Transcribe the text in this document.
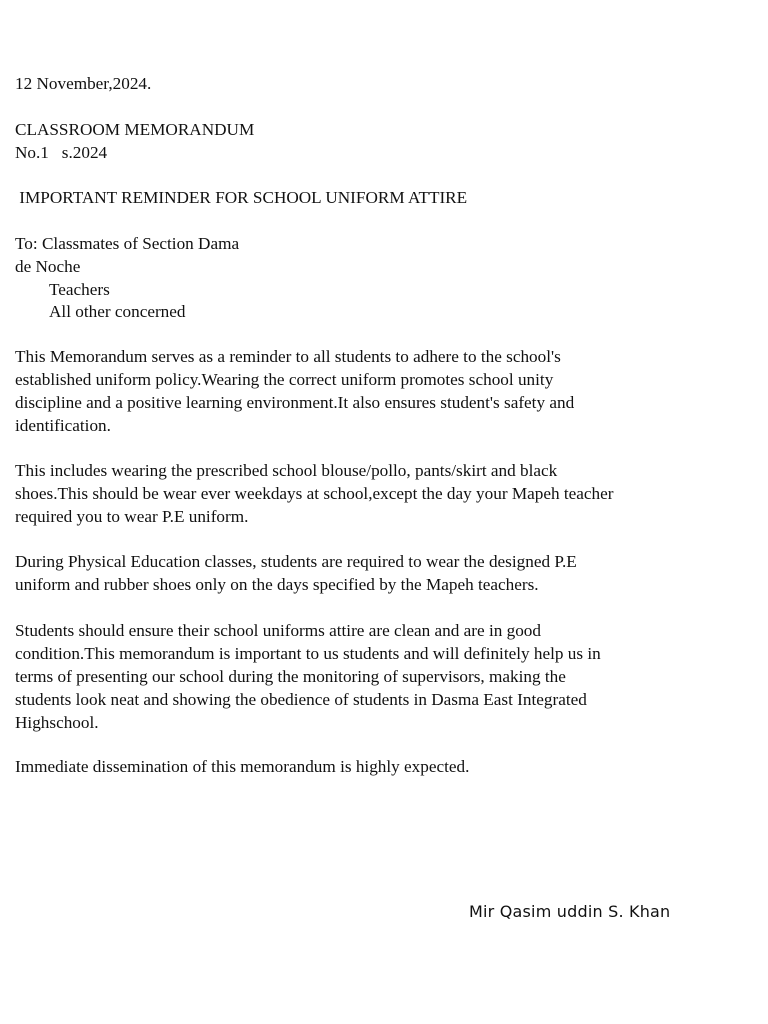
12 November,2024.
CLASSROOM MEMORANDUM
No.1   s.2024
IMPORTANT REMINDER FOR SCHOOL UNIFORM ATTIRE
To: Classmates of Section Dama
de Noche
Teachers
All other concerned
This Memorandum serves as a reminder to all students to adhere to the school's
established uniform policy.Wearing the correct uniform promotes school unity
discipline and a positive learning environment.It also ensures student's safety and
identification.
This includes wearing the prescribed school blouse/pollo, pants/skirt and black
shoes.This should be wear ever weekdays at school,except the day your Mapeh teacher
required you to wear P.E uniform.
During Physical Education classes, students are required to wear the designed P.E
uniform and rubber shoes only on the days specified by the Mapeh teachers.
Students should ensure their school uniforms attire are clean and are in good
condition.This memorandum is important to us students and will definitely help us in
terms of presenting our school during the monitoring of supervisors, making the
students look neat and showing the obedience of students in Dasma East Integrated
Highschool.
Immediate dissemination of this memorandum is highly expected.
Mir Qasim uddin S. Khan
